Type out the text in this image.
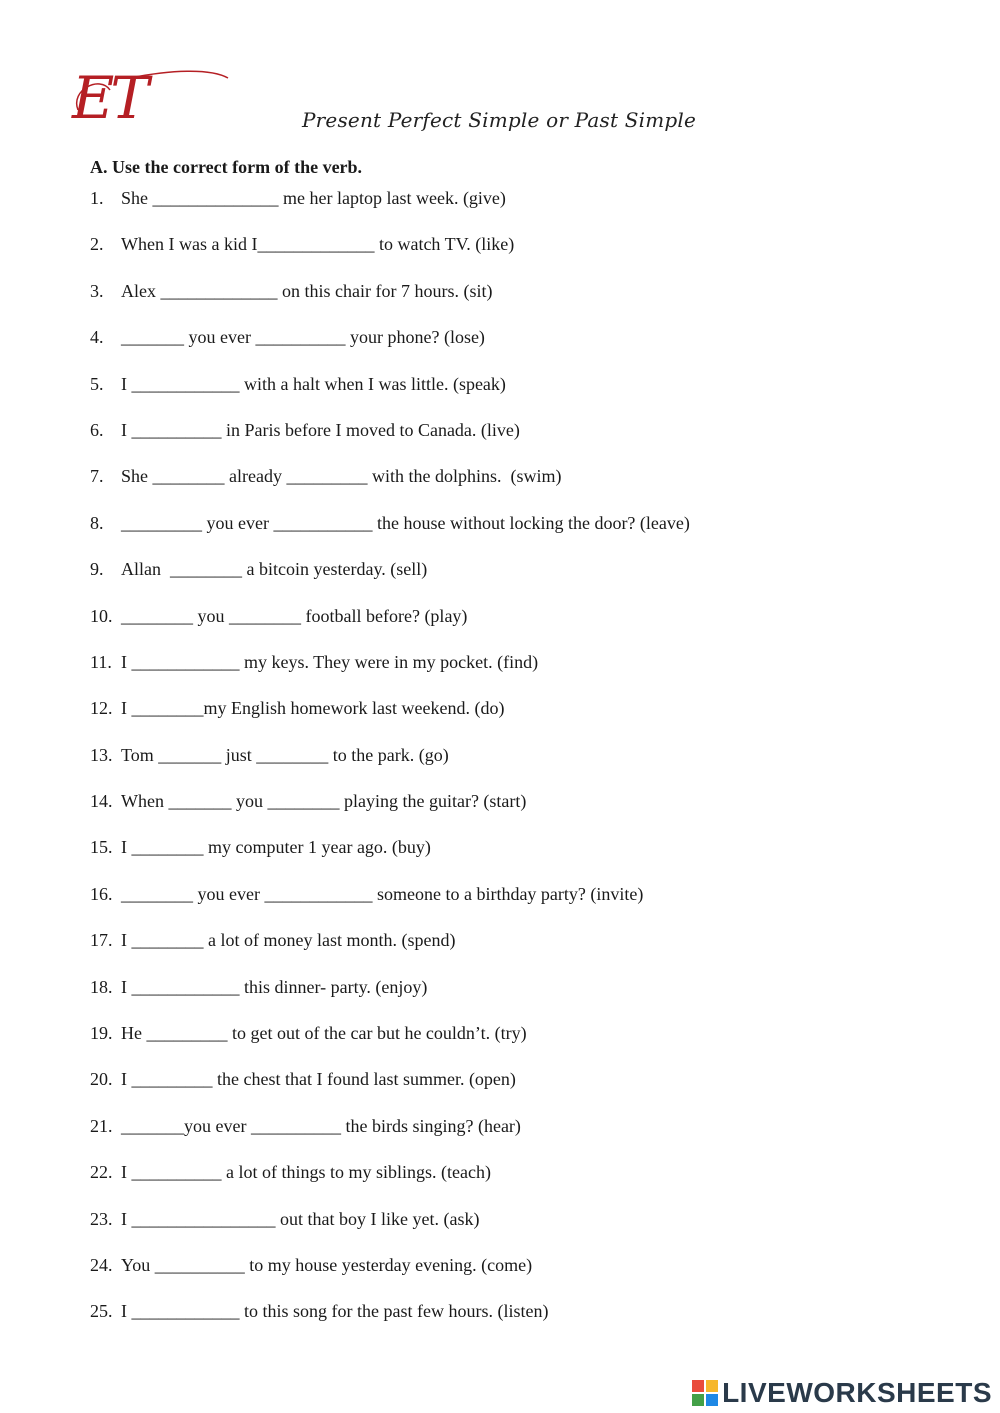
ET	Present Perfect Simple or Past Simple
A. Use the correct form of the verb.
1. She ______________ me her laptop last week. (give)
2. When I was a kid I_____________ to watch TV. (like)
3. Alex _____________ on this chair for 7 hours. (sit)
4. _______ you ever __________ your phone? (lose)
5. I ____________ with a halt when I was little. (speak)
6. I __________ in Paris before I moved to Canada. (live)
7. She ________ already _________ with the dolphins.  (swim)
8. _________ you ever ___________ the house without locking the door? (leave)
9. Allan  ________ a bitcoin yesterday. (sell)
10. ________ you ________ football before? (play)
11. I ____________ my keys. They were in my pocket. (find)
12. I ________my English homework last weekend. (do)
13. Tom _______ just ________ to the park. (go)
14. When _______ you ________ playing the guitar? (start)
15. I ________ my computer 1 year ago. (buy)
16. ________ you ever ____________ someone to a birthday party? (invite)
17. I ________ a lot of money last month. (spend)
18. I ____________ this dinner- party. (enjoy)
19. He _________ to get out of the car but he couldn’t. (try)
20. I _________ the chest that I found last summer. (open)
21. _______you ever __________ the birds singing? (hear)
22. I __________ a lot of things to my siblings. (teach)
23. I ________________ out that boy I like yet. (ask)
24. You __________ to my house yesterday evening. (come)
25. I ____________ to this song for the past few hours. (listen)
LIVEWORKSHEETS
